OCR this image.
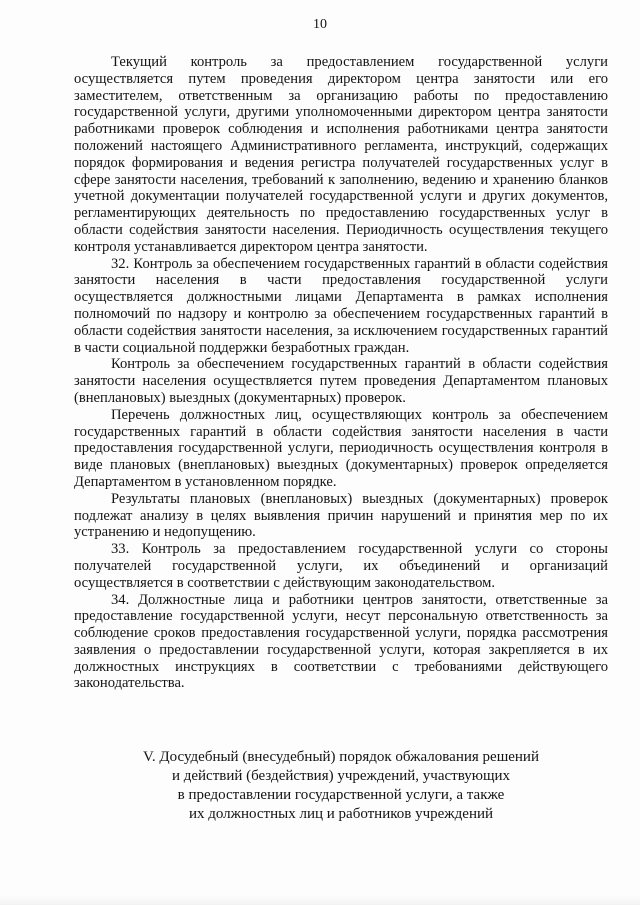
10

Текущий контроль за предоставлением государственной услуги осуществляется путем проведения директором центра занятости или его заместителем, ответственным за организацию работы по предоставлению государственной услуги, другими уполномоченными директором центра занятости работниками проверок соблюдения и исполнения работниками центра занятости положений настоящего Административного регламента, инструкций, содержащих порядок формирования и ведения регистра получателей государственных услуг в сфере занятости населения, требований к заполнению, ведению и хранению бланков учетной документации получателей государственной услуги и других документов, регламентирующих деятельность по предоставлению государственных услуг в области содействия занятости населения. Периодичность осуществления текущего контроля устанавливается директором центра занятости.

32. Контроль за обеспечением государственных гарантий в области содействия занятости населения в части предоставления государственной услуги осуществляется должностными лицами Департамента в рамках исполнения полномочий по надзору и контролю за обеспечением государственных гарантий в области содействия занятости населения, за исключением государственных гарантий в части социальной поддержки безработных граждан.

Контроль за обеспечением государственных гарантий в области содействия занятости населения осуществляется путем проведения Департаментом плановых (внеплановых) выездных (документарных) проверок.

Перечень должностных лиц, осуществляющих контроль за обеспечением государственных гарантий в области содействия занятости населения в части предоставления государственной услуги, периодичность осуществления контроля в виде плановых (внеплановых) выездных (документарных) проверок определяется Департаментом в установленном порядке.

Результаты плановых (внеплановых) выездных (документарных) проверок подлежат анализу в целях выявления причин нарушений и принятия мер по их устранению и недопущению.

33. Контроль за предоставлением государственной услуги со стороны получателей государственной услуги, их объединений и организаций осуществляется в соответствии с действующим законодательством.

34. Должностные лица и работники центров занятости, ответственные за предоставление государственной услуги, несут персональную ответственность за соблюдение сроков предоставления государственной услуги, порядка рассмотрения заявления о предоставлении государственной услуги, которая закрепляется в их должностных инструкциях в соответствии с требованиями действующего законодательства.

V. Досудебный (внесудебный) порядок обжалования решений
и действий (бездействия) учреждений, участвующих
в предоставлении государственной услуги, а также
их должностных лиц и работников учреждений
